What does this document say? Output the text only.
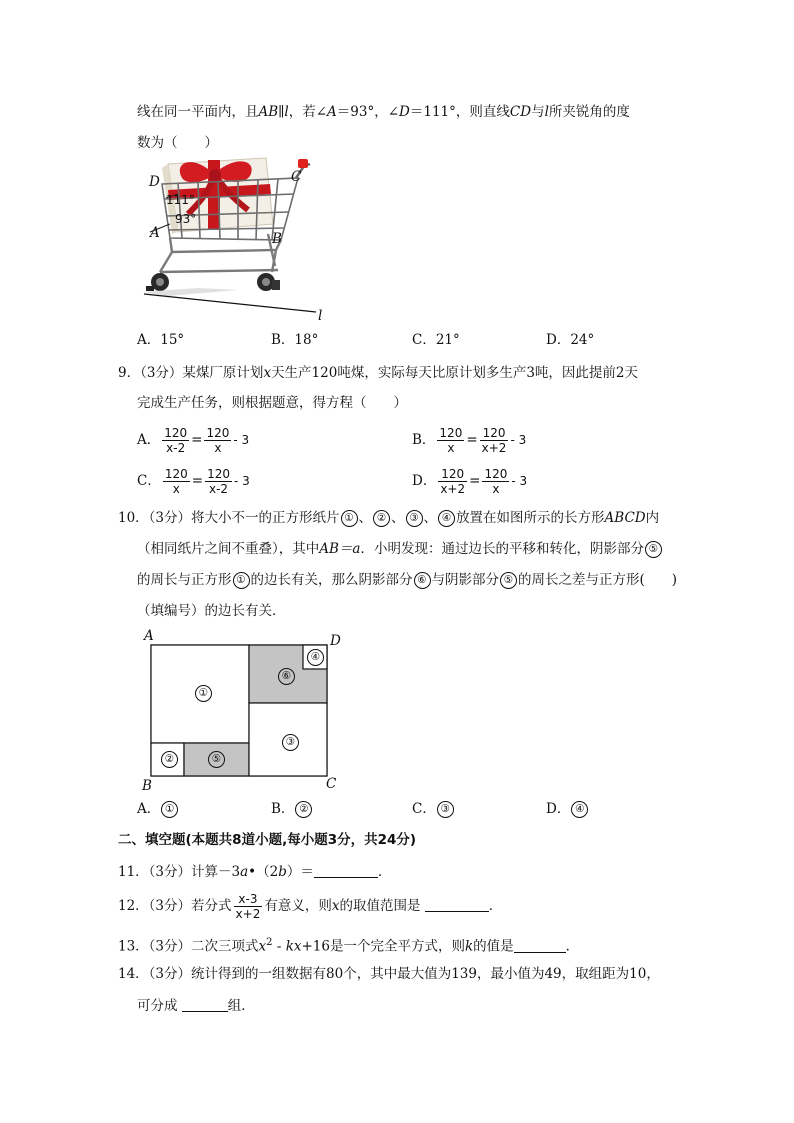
线在同一平面内，且AB∥l，若∠A＝93°，∠D＝111°，则直线CD与l所夹锐角的度
数为（　　）
D	C
111°
93°
A	B
l
A．15°	B．18°	C．21°	D．24°
9．（3分）某煤厂原计划x天生产120吨煤，实际每天比原计划多生产3吨，因此提前2天
完成生产任务，则根据题意，得方程（　　）
A． $\frac{120}{x-2} = \frac{120}{x} - 3$	B． $\frac{120}{x} = \frac{120}{x+2} - 3$
C． $\frac{120}{x} = \frac{120}{x-2} - 3$	D． $\frac{120}{x+2} = \frac{120}{x} - 3$
10．（3分）将大小不一的正方形纸片 ① 、 ② 、 ③ 、 ④ 放置在如图所示的长方形ABCD内
（相同纸片之间不重叠），其中AB＝a．小明发现：通过边长的平移和转化，阴影部分 ⑤
的周长与正方形 ① 的边长有关，那么阴影部分 ⑥ 与阴影部分 ⑤ 的周长之差与正方形(　　)
（填编号）的边长有关．
A	D
B	C
①
②
③
④
⑤
⑥
A． ①	B． ②	C． ③	D． ④
二、填空题(本题共8道小题,每小题3分，共24分)
11．（3分）计算－3a•（2b）＝	．
12．（3分）若分式 $\frac{x-3}{x+2}$ 有意义，则x的取值范围是	．
13．（3分）二次三项式$x^2 - kx+16$是一个完全平方式，则k的值是	．
14．（3分）统计得到的一组数据有80个，其中最大值为139，最小值为49，取组距为10，
可分成	组．
